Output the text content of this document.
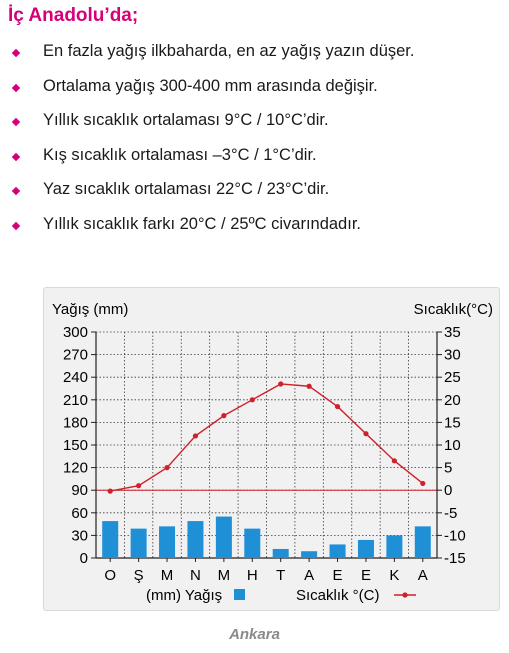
İç Anadolu’da;
En fazla yağış ilkbaharda, en az yağış yazın düşer.
Ortalama yağış 300-400 mm arasında değişir.
Yıllık sıcaklık ortalaması 9°C / 10°C’dir.
Kış sıcaklık ortalaması –3°C / 1°C’dir.
Yaz sıcaklık ortalaması 22°C / 23°C’dir.
Yıllık sıcaklık farkı 20°C / 25ºC civarındadır.
0
30
60
90
120
150
180
210
240
270
300
-15
-10
-5
0
5
10
15
20
25
30
35
O Ş M N M H T A E E K A
Yağış (mm)	Sıcaklık(°C)
(mm) Yağış	Sıcaklık °(C)
Ankara
